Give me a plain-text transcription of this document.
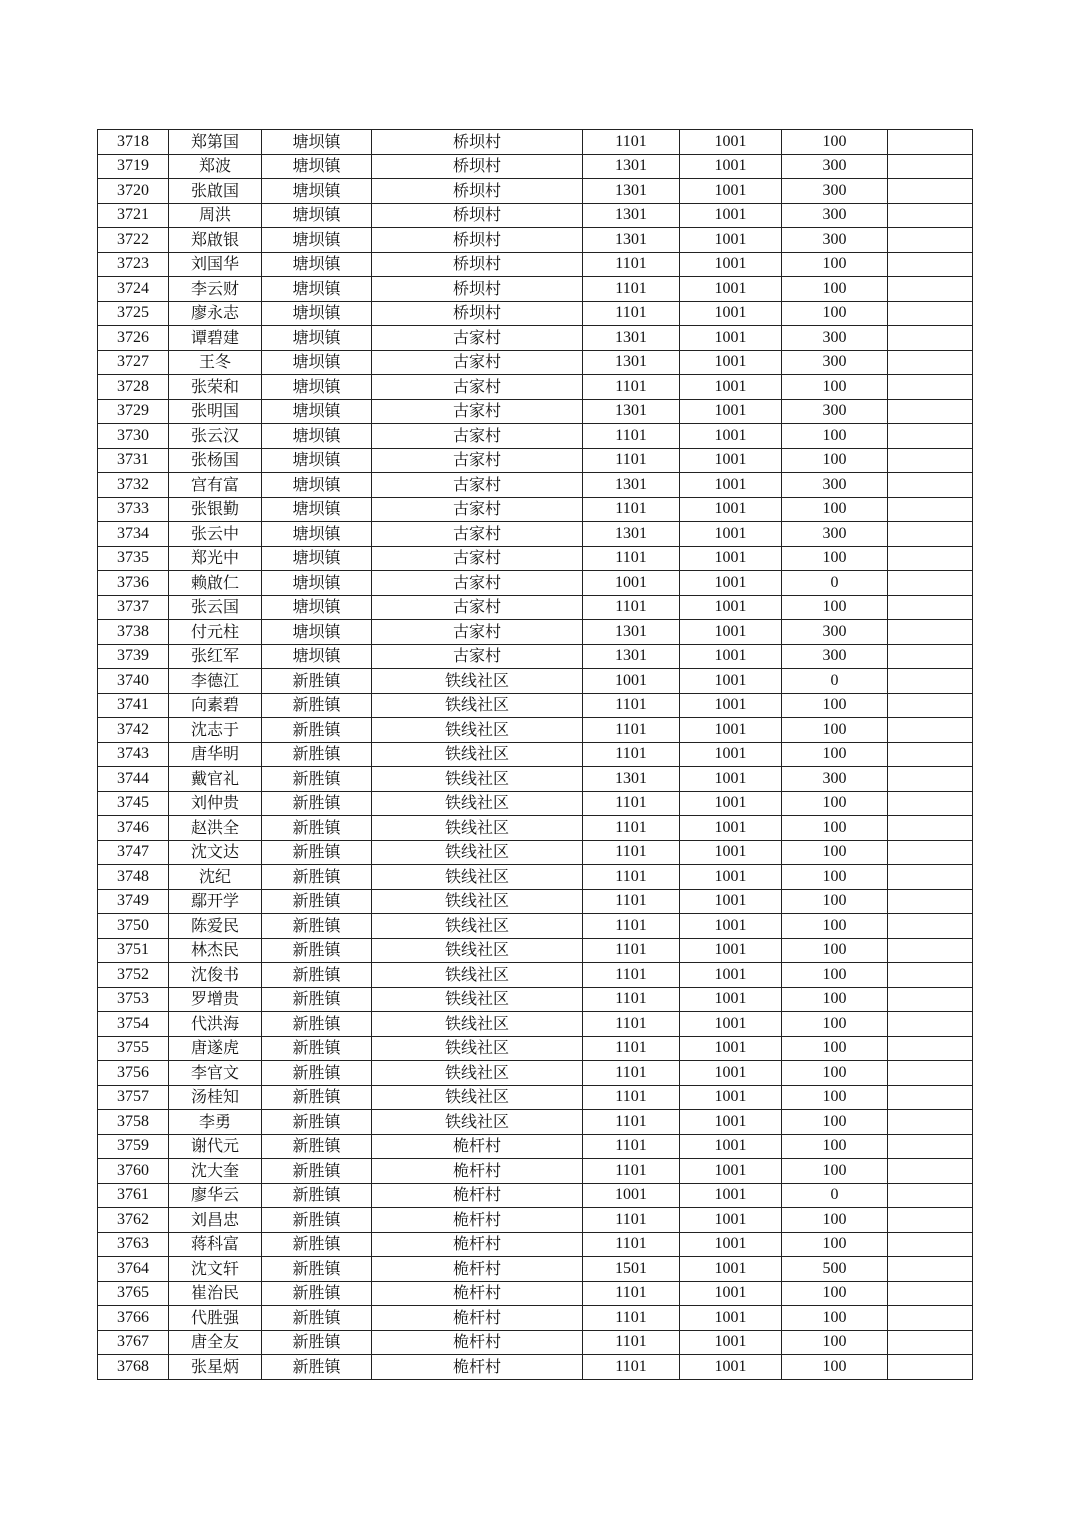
3718	郑第国	塘坝镇	桥坝村	1101	1001	100	
3719	郑波	塘坝镇	桥坝村	1301	1001	300	
3720	张啟国	塘坝镇	桥坝村	1301	1001	300	
3721	周洪	塘坝镇	桥坝村	1301	1001	300	
3722	郑啟银	塘坝镇	桥坝村	1301	1001	300	
3723	刘国华	塘坝镇	桥坝村	1101	1001	100	
3724	李云财	塘坝镇	桥坝村	1101	1001	100	
3725	廖永志	塘坝镇	桥坝村	1101	1001	100	
3726	谭碧建	塘坝镇	古家村	1301	1001	300	
3727	王冬	塘坝镇	古家村	1301	1001	300	
3728	张荣和	塘坝镇	古家村	1101	1001	100	
3729	张明国	塘坝镇	古家村	1301	1001	300	
3730	张云汉	塘坝镇	古家村	1101	1001	100	
3731	张杨国	塘坝镇	古家村	1101	1001	100	
3732	宫有富	塘坝镇	古家村	1301	1001	300	
3733	张银勤	塘坝镇	古家村	1101	1001	100	
3734	张云中	塘坝镇	古家村	1301	1001	300	
3735	郑光中	塘坝镇	古家村	1101	1001	100	
3736	赖啟仁	塘坝镇	古家村	1001	1001	0	
3737	张云国	塘坝镇	古家村	1101	1001	100	
3738	付元柱	塘坝镇	古家村	1301	1001	300	
3739	张红军	塘坝镇	古家村	1301	1001	300	
3740	李德江	新胜镇	铁线社区	1001	1001	0	
3741	向素碧	新胜镇	铁线社区	1101	1001	100	
3742	沈志于	新胜镇	铁线社区	1101	1001	100	
3743	唐华明	新胜镇	铁线社区	1101	1001	100	
3744	戴官礼	新胜镇	铁线社区	1301	1001	300	
3745	刘仲贵	新胜镇	铁线社区	1101	1001	100	
3746	赵洪全	新胜镇	铁线社区	1101	1001	100	
3747	沈文达	新胜镇	铁线社区	1101	1001	100	
3748	沈纪	新胜镇	铁线社区	1101	1001	100	
3749	鄢开学	新胜镇	铁线社区	1101	1001	100	
3750	陈爱民	新胜镇	铁线社区	1101	1001	100	
3751	林杰民	新胜镇	铁线社区	1101	1001	100	
3752	沈俊书	新胜镇	铁线社区	1101	1001	100	
3753	罗增贵	新胜镇	铁线社区	1101	1001	100	
3754	代洪海	新胜镇	铁线社区	1101	1001	100	
3755	唐遂虎	新胜镇	铁线社区	1101	1001	100	
3756	李官文	新胜镇	铁线社区	1101	1001	100	
3757	汤桂知	新胜镇	铁线社区	1101	1001	100	
3758	李勇	新胜镇	铁线社区	1101	1001	100	
3759	谢代元	新胜镇	桅杆村	1101	1001	100	
3760	沈大奎	新胜镇	桅杆村	1101	1001	100	
3761	廖华云	新胜镇	桅杆村	1001	1001	0	
3762	刘昌忠	新胜镇	桅杆村	1101	1001	100	
3763	蒋科富	新胜镇	桅杆村	1101	1001	100	
3764	沈文轩	新胜镇	桅杆村	1501	1001	500	
3765	崔治民	新胜镇	桅杆村	1101	1001	100	
3766	代胜强	新胜镇	桅杆村	1101	1001	100	
3767	唐全友	新胜镇	桅杆村	1101	1001	100	
3768	张星炳	新胜镇	桅杆村	1101	1001	100	
